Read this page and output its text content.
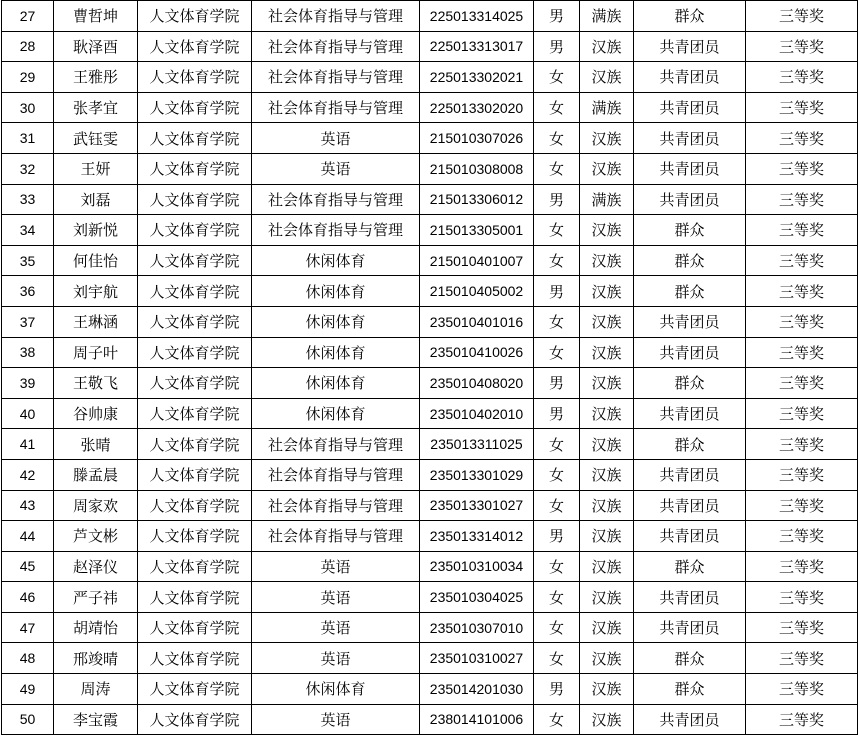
27	曹哲坤	人文体育学院	社会体育指导与管理	225013314025	男	满族	群众	三等奖
28	耿泽酉	人文体育学院	社会体育指导与管理	225013313017	男	汉族	共青团员	三等奖
29	王雅彤	人文体育学院	社会体育指导与管理	225013302021	女	汉族	共青团员	三等奖
30	张孝宜	人文体育学院	社会体育指导与管理	225013302020	女	满族	共青团员	三等奖
31	武钰雯	人文体育学院	英语	215010307026	女	汉族	共青团员	三等奖
32	王妍	人文体育学院	英语	215010308008	女	汉族	共青团员	三等奖
33	刘磊	人文体育学院	社会体育指导与管理	215013306012	男	满族	共青团员	三等奖
34	刘新悦	人文体育学院	社会体育指导与管理	215013305001	女	汉族	群众	三等奖
35	何佳怡	人文体育学院	休闲体育	215010401007	女	汉族	群众	三等奖
36	刘宇航	人文体育学院	休闲体育	215010405002	男	汉族	群众	三等奖
37	王琳涵	人文体育学院	休闲体育	235010401016	女	汉族	共青团员	三等奖
38	周子叶	人文体育学院	休闲体育	235010410026	女	汉族	共青团员	三等奖
39	王敬飞	人文体育学院	休闲体育	235010408020	男	汉族	群众	三等奖
40	谷帅康	人文体育学院	休闲体育	235010402010	男	汉族	共青团员	三等奖
41	张晴	人文体育学院	社会体育指导与管理	235013311025	女	汉族	群众	三等奖
42	滕孟晨	人文体育学院	社会体育指导与管理	235013301029	女	汉族	共青团员	三等奖
43	周家欢	人文体育学院	社会体育指导与管理	235013301027	女	汉族	共青团员	三等奖
44	芦文彬	人文体育学院	社会体育指导与管理	235013314012	男	汉族	共青团员	三等奖
45	赵泽仪	人文体育学院	英语	235010310034	女	汉族	群众	三等奖
46	严子祎	人文体育学院	英语	235010304025	女	汉族	共青团员	三等奖
47	胡靖怡	人文体育学院	英语	235010307010	女	汉族	共青团员	三等奖
48	邢竣晴	人文体育学院	英语	235010310027	女	汉族	群众	三等奖
49	周涛	人文体育学院	休闲体育	235014201030	男	汉族	群众	三等奖
50	李宝霞	人文体育学院	英语	238014101006	女	汉族	共青团员	三等奖
